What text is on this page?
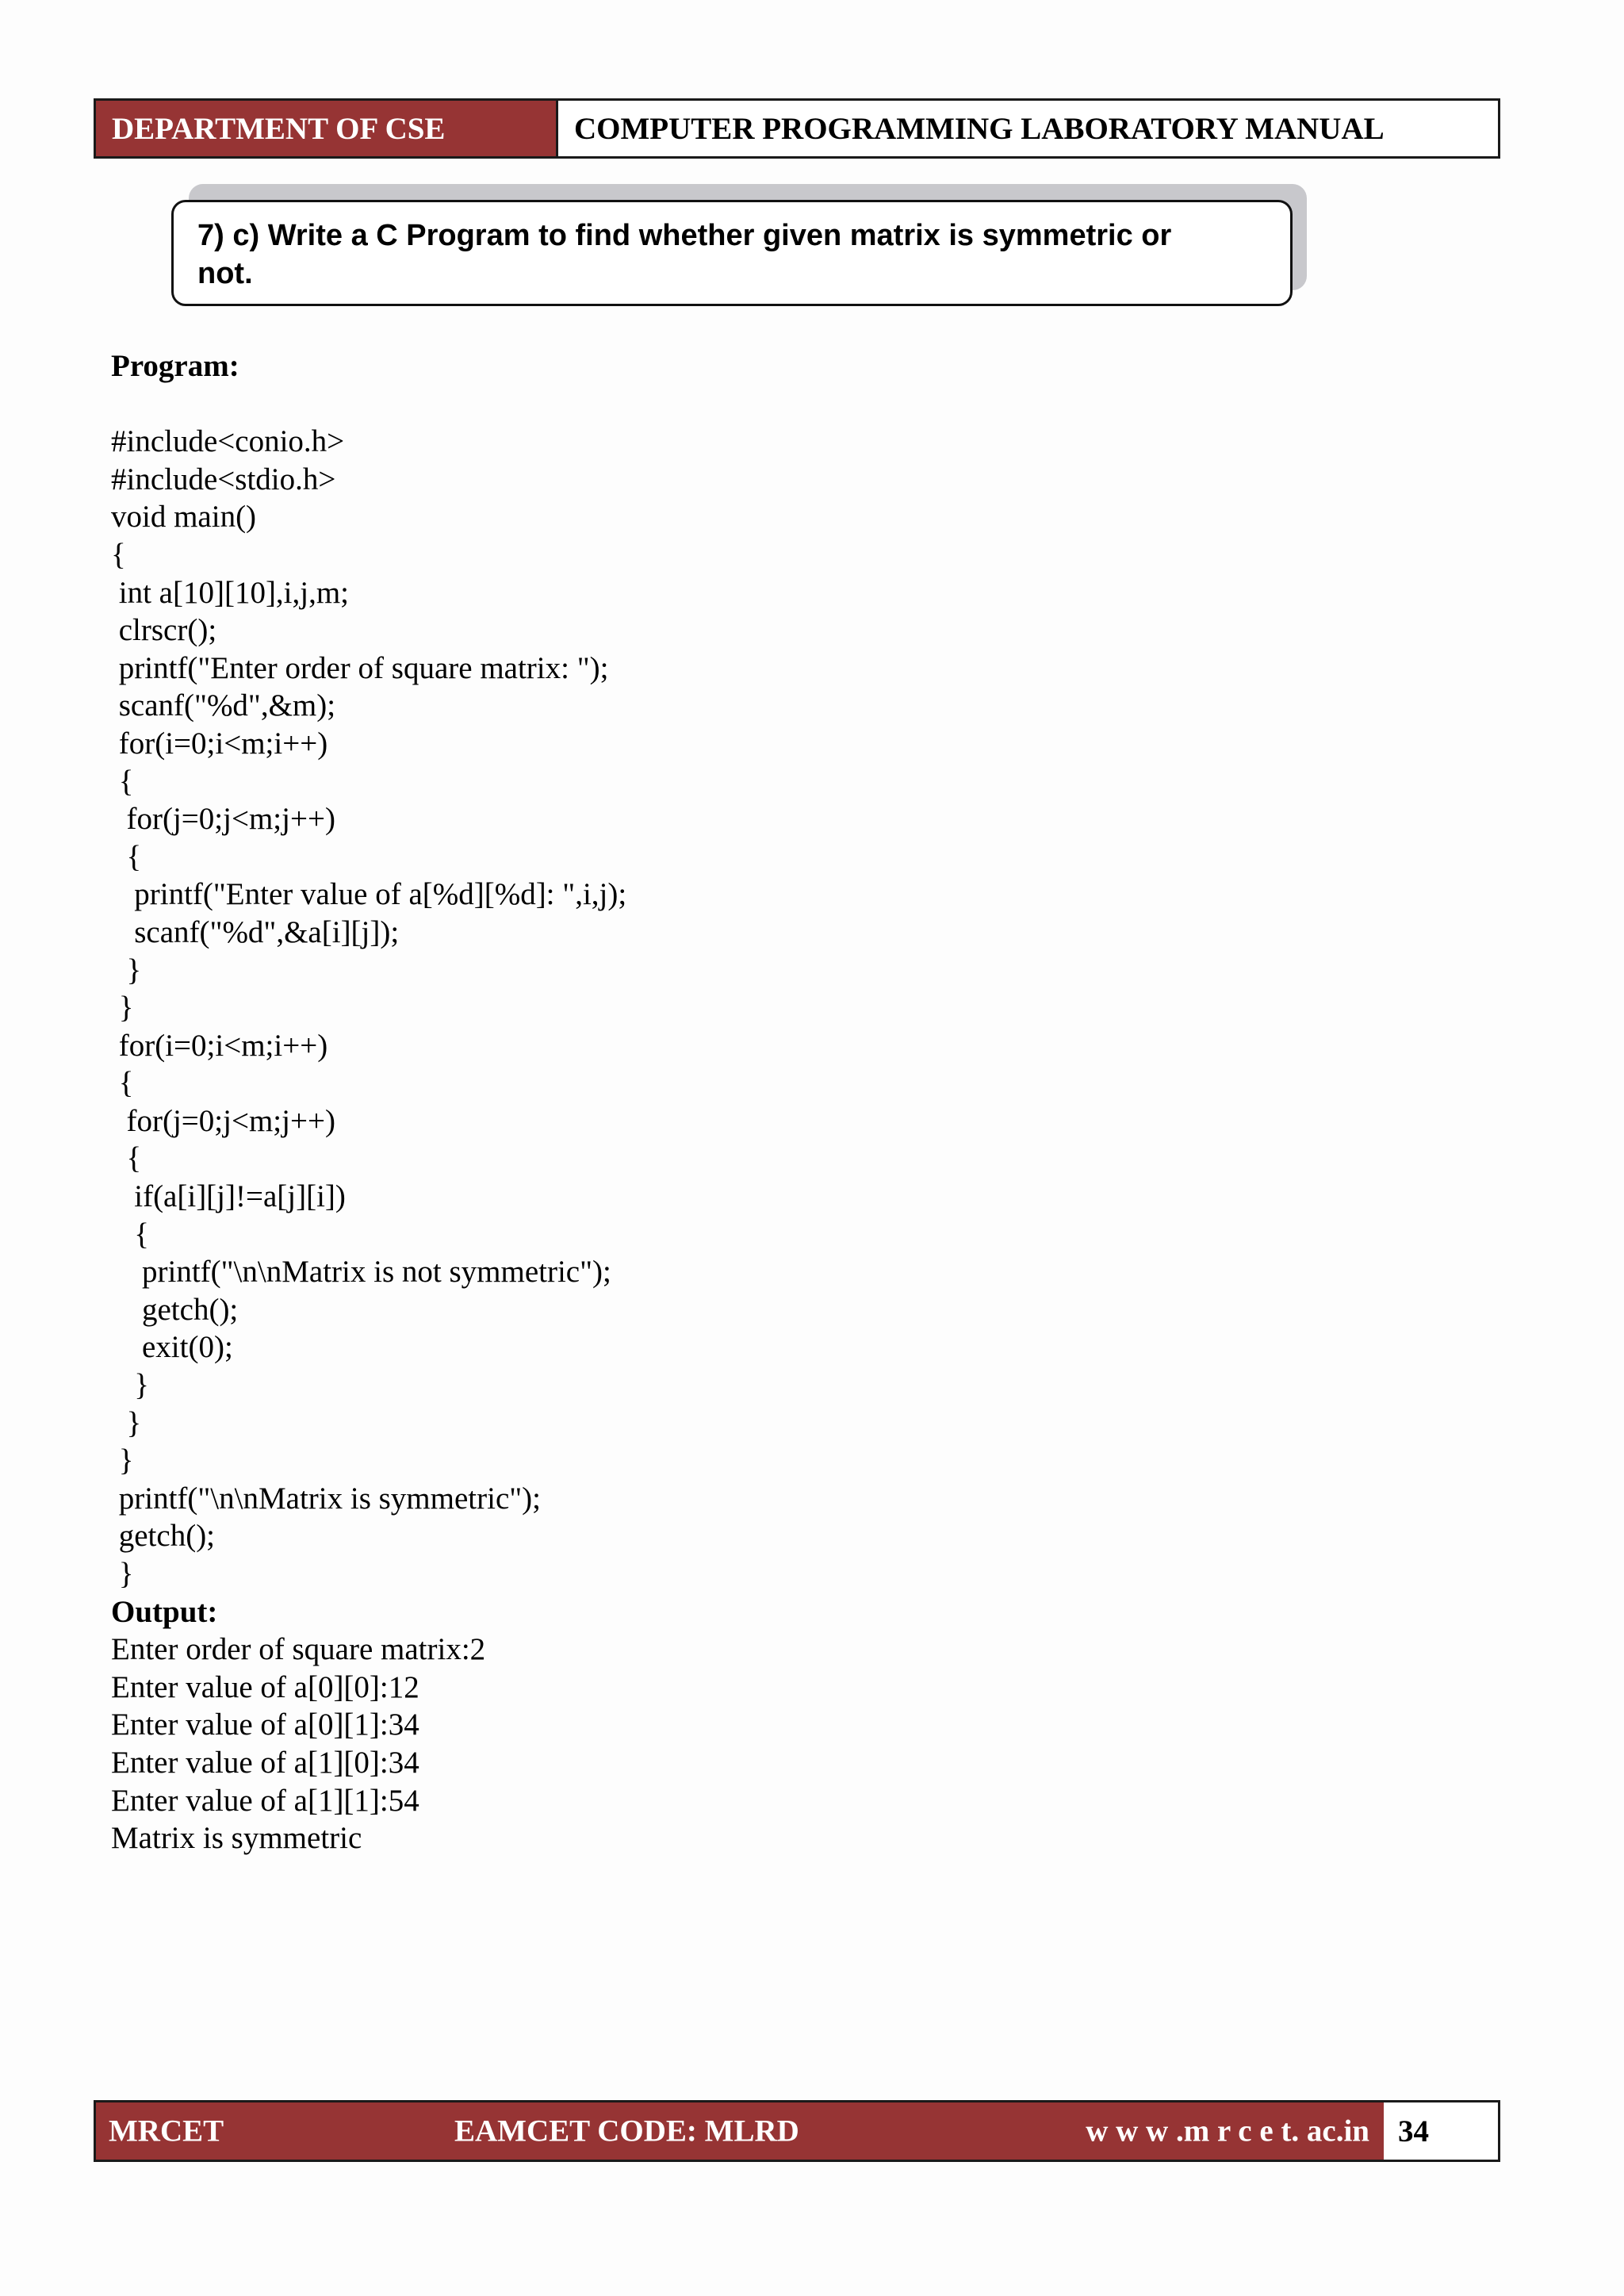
DEPARTMENT OF CSE	COMPUTER PROGRAMMING LABORATORY MANUAL
7) c) Write a C Program to find whether given matrix is symmetric or
not.
Program:
#include<conio.h>
#include<stdio.h>
void main()
{
int a[10][10],i,j,m;
clrscr();
printf("Enter order of square matrix: ");
scanf("%d",&m);
for(i=0;i<m;i++)
{
for(j=0;j<m;j++)
{
printf("Enter value of a[%d][%d]: ",i,j);
scanf("%d",&a[i][j]);
}
}
for(i=0;i<m;i++)
{
for(j=0;j<m;j++)
{
if(a[i][j]!=a[j][i])
{
printf("\n\nMatrix is not symmetric");
getch();
exit(0);
}
}
}
printf("\n\nMatrix is symmetric");
getch();
}
Output:
Enter order of square matrix:2
Enter value of a[0][0]:12
Enter value of a[0][1]:34
Enter value of a[1][0]:34
Enter value of a[1][1]:54
Matrix is symmetric
MRCET	EAMCET CODE: MLRD	w w w .m r c e t. ac.in 34
